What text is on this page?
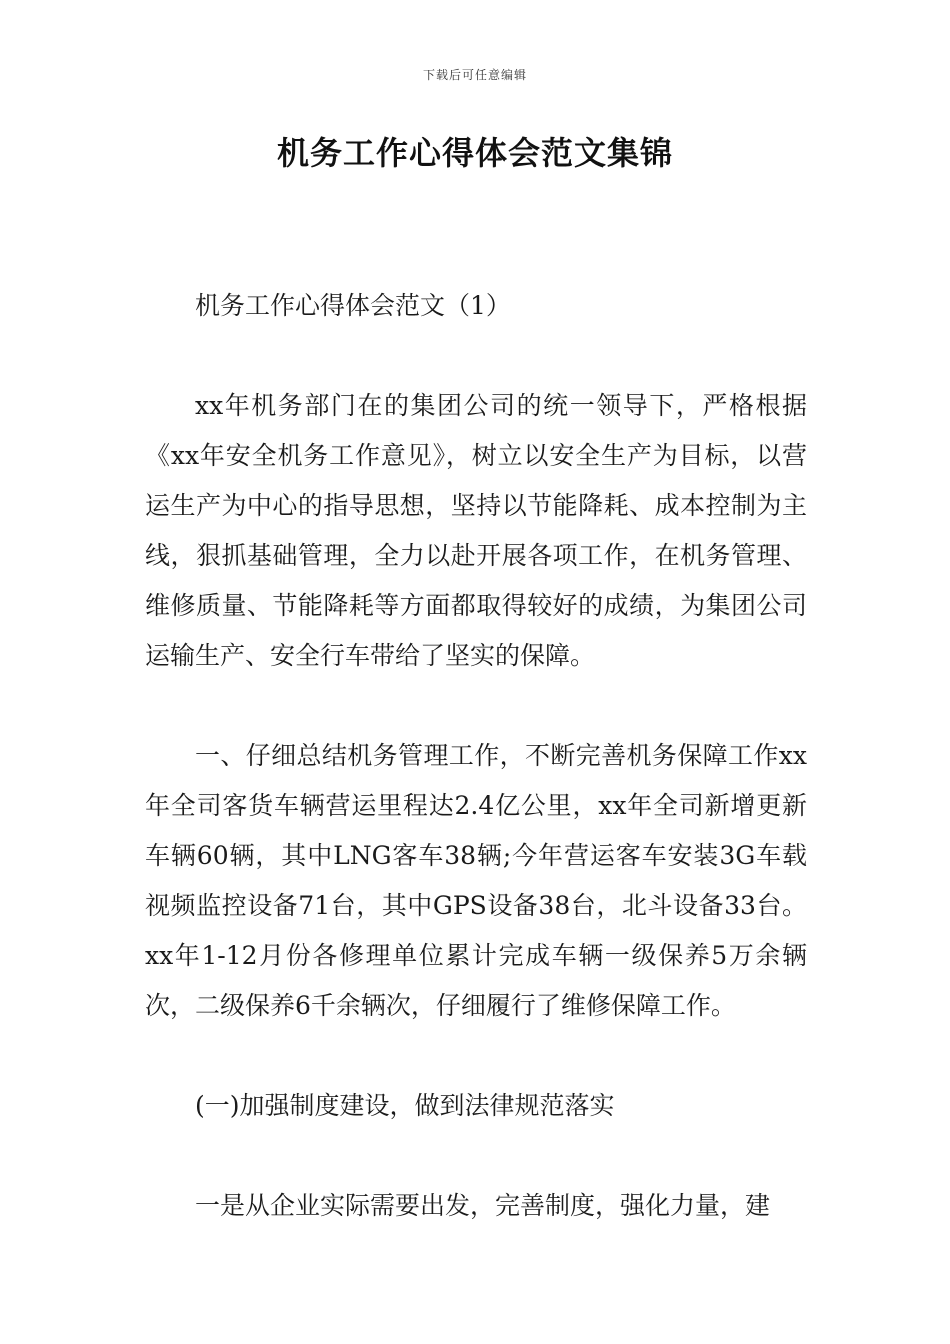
下载后可任意编辑
机务工作心得体会范文集锦

机务工作心得体会范文（1）

xx年机务部门在的集团公司的统一领导下，严格根据《xx年安全机务工作意见》，树立以安全生产为目标，以营运生产为中心的指导思想，坚持以节能降耗、成本控制为主线，狠抓基础管理，全力以赴开展各项工作，在机务管理、维修质量、节能降耗等方面都取得较好的成绩，为集团公司运输生产、安全行车带给了坚实的保障。

一、仔细总结机务管理工作，不断完善机务保障工作xx年全司客货车辆营运里程达2.4亿公里，xx年全司新增更新车辆60辆，其中LNG客车38辆;今年营运客车安装3G车载视频监控设备71台，其中GPS设备38台，北斗设备33台。xx年1-12月份各修理单位累计完成车辆一级保养5万余辆次，二级保养6千余辆次，仔细履行了维修保障工作。

(一)加强制度建设，做到法律规范落实

一是从企业实际需要出发，完善制度，强化力量，建
